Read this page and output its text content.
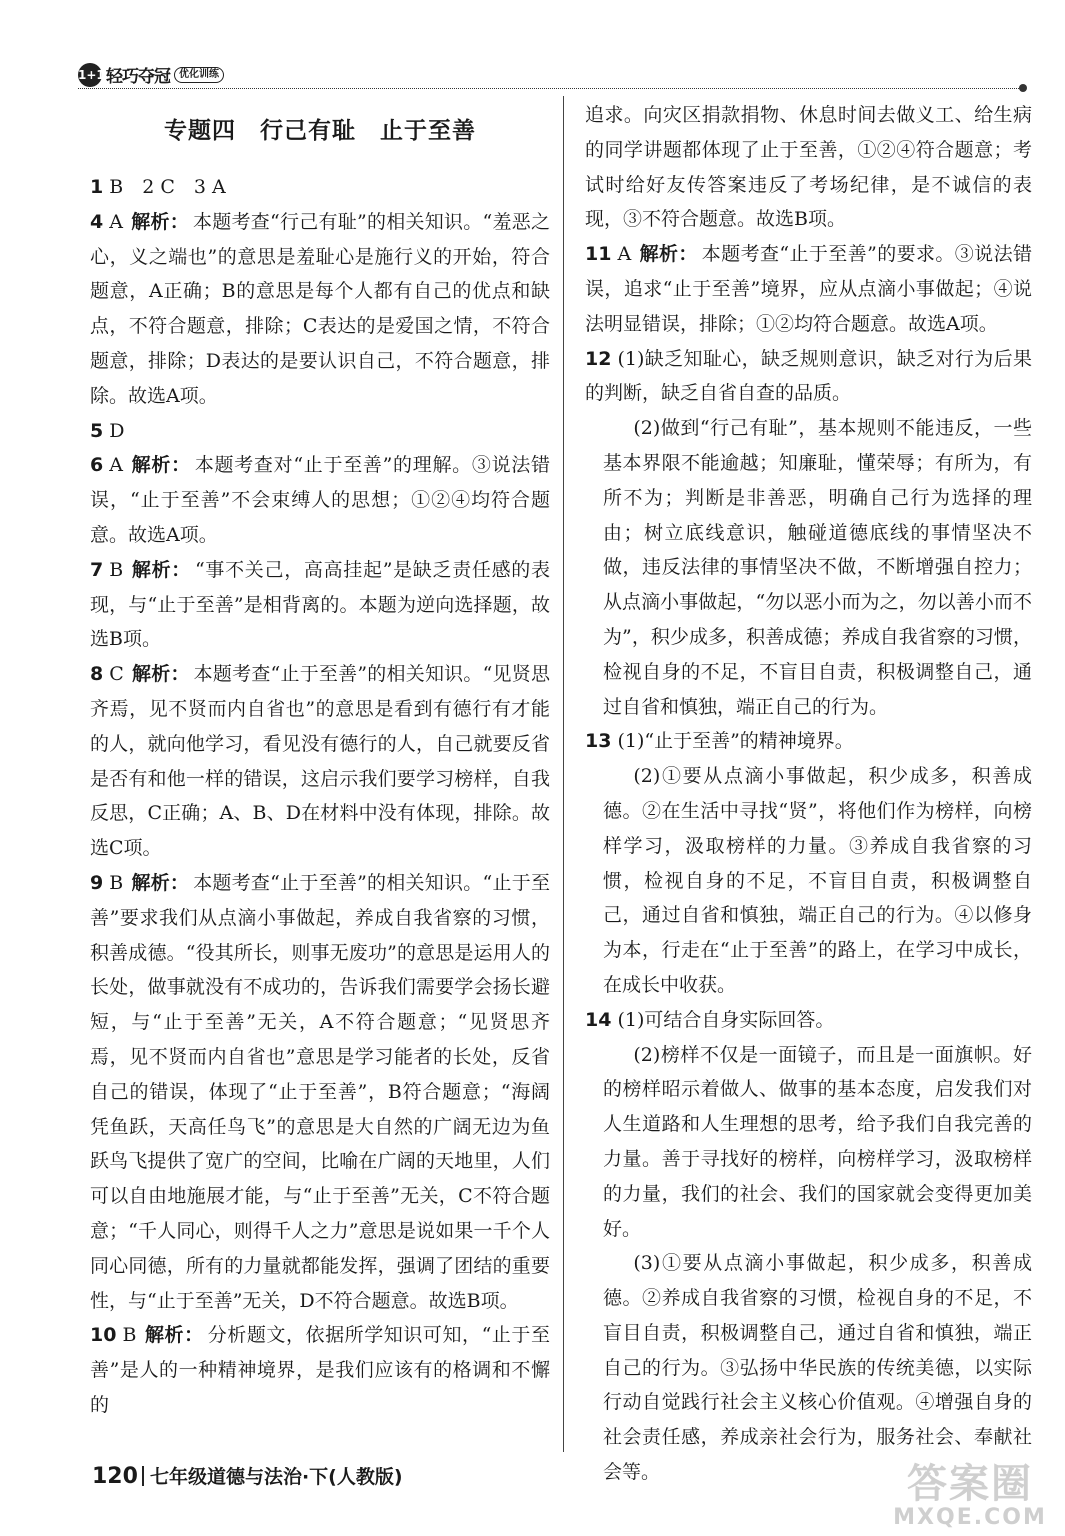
1+1 轻巧夺冠 优化训练
专题四　行己有耻　止于至善

1 B　2 C　3 A

4 A 解析： 本题考查“行己有耻”的相关知识。“羞恶之心，义之端也”的意思是羞耻心是施行义的开始，符合题意，A正确；B的意思是每个人都有自己的优点和缺点，不符合题意，排除；C表达的是爱国之情，不符合题意，排除；D表达的是要认识自己，不符合题意，排除。故选A项。

5 D

6 A 解析： 本题考查对“止于至善”的理解。③说法错误，“止于至善”不会束缚人的思想；①②④均符合题意。故选A项。

7 B 解析： “事不关己，高高挂起”是缺乏责任感的表现，与“止于至善”是相背离的。本题为逆向选择题，故选B项。

8 C 解析： 本题考查“止于至善”的相关知识。“见贤思齐焉，见不贤而内自省也”的意思是看到有德行有才能的人，就向他学习，看见没有德行的人，自己就要反省是否有和他一样的错误，这启示我们要学习榜样，自我反思，C正确；A、B、D在材料中没有体现，排除。故选C项。

9 B 解析： 本题考查“止于至善”的相关知识。“止于至善”要求我们从点滴小事做起，养成自我省察的习惯，积善成德。“役其所长，则事无废功”的意思是运用人的长处，做事就没有不成功的，告诉我们需要学会扬长避短，与“止于至善”无关，A不符合题意；“见贤思齐焉，见不贤而内自省也”意思是学习能者的长处，反省自己的错误，体现了“止于至善”，B符合题意；“海阔凭鱼跃，天高任鸟飞”的意思是大自然的广阔无边为鱼跃鸟飞提供了宽广的空间，比喻在广阔的天地里，人们可以自由地施展才能，与“止于至善”无关，C不符合题意；“千人同心，则得千人之力”意思是说如果一千个人同心同德，所有的力量就都能发挥，强调了团结的重要性，与“止于至善”无关，D不符合题意。故选B项。

10 B 解析： 分析题文，依据所学知识可知，“止于至善”是人的一种精神境界，是我们应该有的格调和不懈的

追求。向灾区捐款捐物、休息时间去做义工、给生病的同学讲题都体现了止于至善，①②④符合题意；考试时给好友传答案违反了考场纪律，是不诚信的表现，③不符合题意。故选B项。

11 A 解析： 本题考查“止于至善”的要求。③说法错误，追求“止于至善”境界，应从点滴小事做起；④说法明显错误，排除；①②均符合题意。故选A项。

12 (1)缺乏知耻心，缺乏规则意识，缺乏对行为后果的判断，缺乏自省自查的品质。

(2)做到“行己有耻”，基本规则不能违反，一些基本界限不能逾越；知廉耻，懂荣辱；有所为，有所不为；判断是非善恶，明确自己行为选择的理由；树立底线意识，触碰道德底线的事情坚决不做，违反法律的事情坚决不做，不断增强自控力；从点滴小事做起，“勿以恶小而为之，勿以善小而不为”，积少成多，积善成德；养成自我省察的习惯，检视自身的不足，不盲目自责，积极调整自己，通过自省和慎独，端正自己的行为。

13 (1)“止于至善”的精神境界。

(2)①要从点滴小事做起，积少成多，积善成德。②在生活中寻找“贤”，将他们作为榜样，向榜样学习，汲取榜样的力量。③养成自我省察的习惯，检视自身的不足，不盲目自责，积极调整自己，通过自省和慎独，端正自己的行为。④以修身为本，行走在“止于至善”的路上，在学习中成长，在成长中收获。

14 (1)可结合自身实际回答。

(2)榜样不仅是一面镜子，而且是一面旗帜。好的榜样昭示着做人、做事的基本态度，启发我们对人生道路和人生理想的思考，给予我们自我完善的力量。善于寻找好的榜样，向榜样学习，汲取榜样的力量，我们的社会、我们的国家就会变得更加美好。

(3)①要从点滴小事做起，积少成多，积善成德。②养成自我省察的习惯，检视自身的不足，不盲目自责，积极调整自己，通过自省和慎独，端正自己的行为。③弘扬中华民族的传统美德，以实际行动自觉践行社会主义核心价值观。④增强自身的社会责任感，养成亲社会行为，服务社会、奉献社会等。

120 七年级道德与法治·下(人教版)	答案圈
MXQE.COM
